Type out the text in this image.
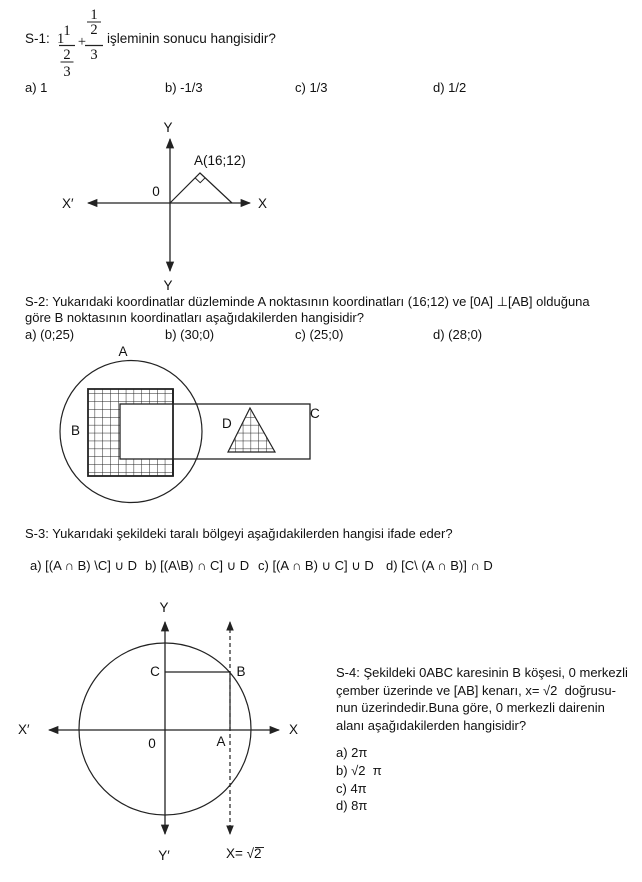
S-1: 1 1
2
3
+
1
2
3
işleminin sonucu hangisidir?
a) 1	b) -1/3	c) 1/3	d) 1/2
Y
Y
X′	X
0
A(16;12)
S-2: Yukarıdaki koordinatlar düzleminde A noktasının koordinatları (16;12) ve [0A] ⊥[AB] olduğuna
göre B noktasının koordinatları aşağıdakilerden hangisidir?
a) (0;25)	b) (30;0)	c) (25;0)	d) (28;0)
A
B	D
C
S-3: Yukarıdaki şekildeki taralı bölgeyi aşağıdakilerden hangisi ifade eder?
a) [(A ∩ B) \C] ∪ D b) [(A\B) ∩ C] ∪ D c) [(A ∩ B) ∪ C] ∪ D d) [C\ (A ∩ B)] ∩ D
Y
Y′
X′	X
0	A
C	B
X= √2
S-4: Şekildeki 0ABC karesinin B köşesi, 0 merkezli
çember üzerinde ve [AB] kenarı, x= √2  doğrusu-
nun üzerindedir.Buna göre, 0 merkezli dairenin
alanı aşağıdakilerden hangisidir?
a) 2π
b) √2  π
c) 4π
d) 8π
